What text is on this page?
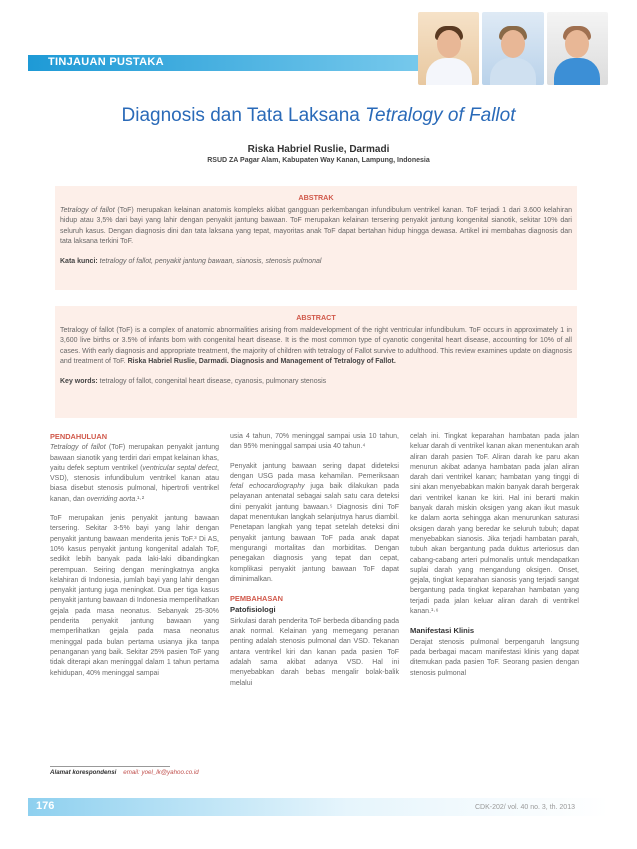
TINJAUAN PUSTAKA
Diagnosis dan Tata Laksana Tetralogy of Fallot
Riska Habriel Ruslie, Darmadi
RSUD ZA Pagar Alam, Kabupaten Way Kanan, Lampung, Indonesia
ABSTRAK
Tetralogy of fallot (ToF) merupakan kelainan anatomis kompleks akibat gangguan perkembangan infundibulum ventrikel kanan. ToF terjadi 1 dari 3.600 kelahiran hidup atau 3,5% dari bayi yang lahir dengan penyakit jantung bawaan. ToF merupakan kelainan tersering penyakit jantung kongenital sianotik, sekitar 10% dari seluruh kasus. Dengan diagnosis dini dan tata laksana yang tepat, mayoritas anak ToF dapat bertahan hidup hingga dewasa. Artikel ini membahas diagnosis dan tata laksana terkini ToF.
Kata kunci: tetralogy of fallot, penyakit jantung bawaan, sianosis, stenosis pulmonal
ABSTRACT
Tetralogy of fallot (ToF) is a complex of anatomic abnormalities arising from maldevelopment of the right ventricular infundibulum. ToF occurs in approximately 1 in 3,600 live births or 3.5% of infants born with congenital heart disease. It is the most common type of cyanotic congenital heart disease, accounting for 10% of all cases. With early diagnosis and appropriate treatment, the majority of children with tetralogy of Fallot survive to adulthood. This review examines update on diagnosis and treatment of ToF. Riska Habriel Ruslie, Darmadi. Diagnosis and Management of Tetralogy of Fallot.
Key words: tetralogy of fallot, congenital heart disease, cyanosis, pulmonary stenosis
PENDAHULUAN

Tetralogy of fallot (ToF) merupakan penyakit jantung bawaan sianotik yang terdiri dari empat kelainan khas, yaitu defek septum ventrikel (ventricular septal defect, VSD), stenosis infundibulum ventrikel kanan atau biasa disebut stenosis pulmonal, hipertrofi ventrikel kanan, dan overriding aorta.¹·²

ToF merupakan jenis penyakit jantung bawaan tersering. Sekitar 3-5% bayi yang lahir dengan penyakit jantung bawaan menderita jenis ToF.³ Di AS, 10% kasus penyakit jantung kongenital adalah ToF, sedikit lebih banyak pada laki-laki dibandingkan perempuan. Seiring dengan meningkatnya angka kelahiran di Indonesia, jumlah bayi yang lahir dengan penyakit jantung juga meningkat. Dua per tiga kasus penyakit jantung bawaan di Indonesia memperlihatkan gejala pada masa neonatus. Sebanyak 25-30% penderita penyakit jantung bawaan yang memperlihatkan gejala pada masa neonatus meninggal pada bulan pertama usianya jika tanpa penanganan yang baik. Sekitar 25% pasien ToF yang tidak diterapi akan meninggal dalam 1 tahun pertama kehidupan, 40% meninggal sampai

usia 4 tahun, 70% meninggal sampai usia 10 tahun, dan 95% meninggal sampai usia 40 tahun.⁴

Penyakit jantung bawaan sering dapat dideteksi dengan USG pada masa kehamilan. Pemeriksaan fetal echocardiography juga baik dilakukan pada pelayanan antenatal sebagai salah satu cara deteksi dini penyakit jantung bawaan.⁵ Diagnosis dini ToF dapat menentukan langkah selanjutnya harus diambil. Penetapan langkah yang tepat setelah deteksi dini penyakit jantung bawaan ToF pada anak dapat mengurangi mortalitas dan morbiditas. Dengan penegakan diagnosis yang tepat dan cepat, komplikasi penyakit jantung bawaan ToF dapat diminimalkan.

PEMBAHASAN
Patofisiologi

Sirkulasi darah penderita ToF berbeda dibanding pada anak normal. Kelainan yang memegang peranan penting adalah stenosis pulmonal dan VSD. Tekanan antara ventrikel kiri dan kanan pada pasien ToF adalah sama akibat adanya VSD. Hal ini menyebabkan darah bebas mengalir bolak-balik melalui

celah ini. Tingkat keparahan hambatan pada jalan keluar darah di ventrikel kanan akan menentukan arah aliran darah pasien ToF. Aliran darah ke paru akan menurun akibat adanya hambatan pada jalan aliran darah dari ventrikel kanan; hambatan yang tinggi di sini akan menyebabkan makin banyak darah bergerak dari ventrikel kanan ke kiri. Hal ini berarti makin banyak darah miskin oksigen yang akan ikut masuk ke dalam aorta sehingga akan menurunkan saturasi oksigen darah yang beredar ke seluruh tubuh; dapat menyebabkan sianosis. Jika terjadi hambatan parah, tubuh akan bergantung pada duktus arteriosus dan cabang-cabang arteri pulmonalis untuk mendapatkan suplai darah yang mengandung oksigen. Onset, gejala, tingkat keparahan sianosis yang terjadi sangat bergantung pada tingkat keparahan hambatan yang terjadi pada jalan keluar aliran darah di ventrikel kanan.¹·⁶

Manifestasi Klinis

Derajat stenosis pulmonal berpengaruh langsung pada berbagai macam manifestasi klinis yang dapat ditemukan pada pasien ToF. Seorang pasien dengan stenosis pulmonal

Alamat korespondensi email: yoel_lk@yahoo.co.id
176	CDK-202/ vol. 40 no. 3, th. 2013
